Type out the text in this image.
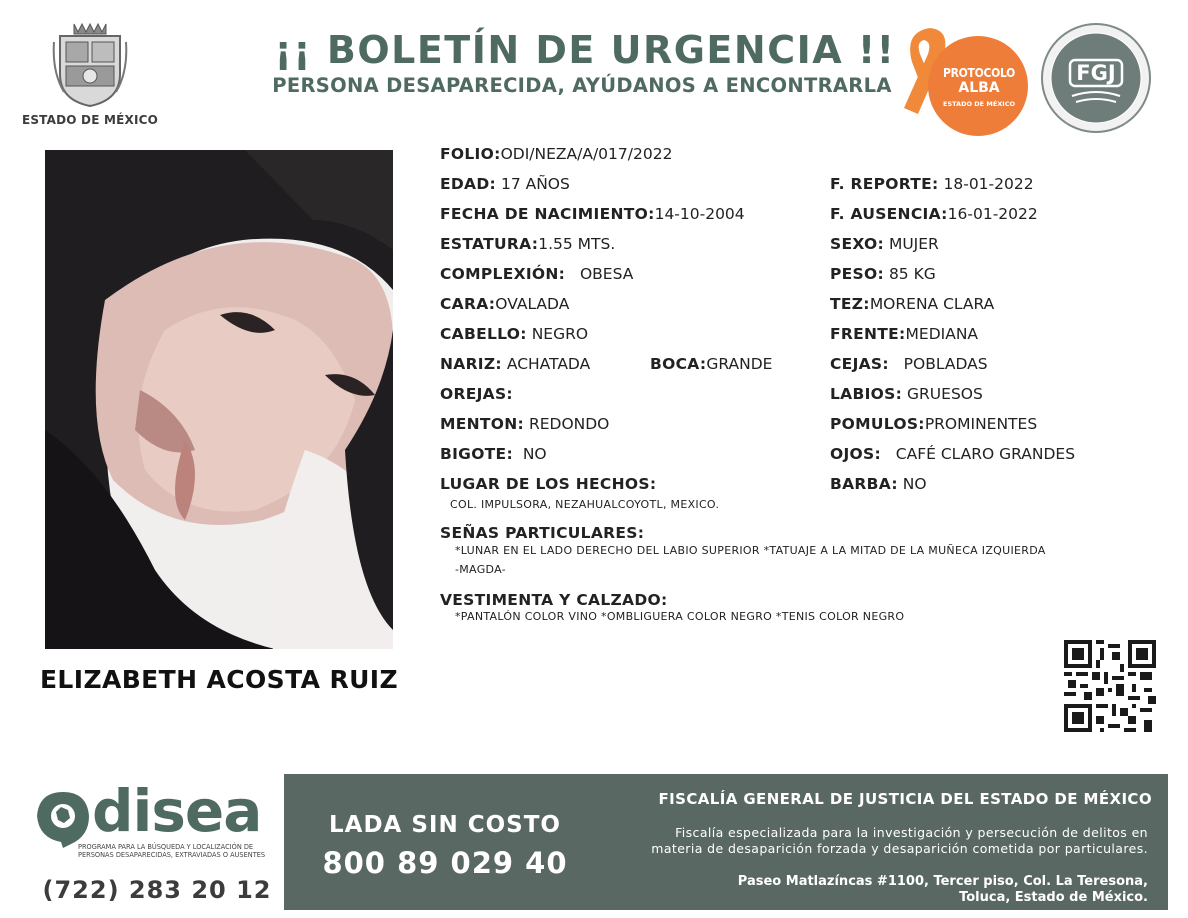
ESTADO DE MÉXICO
¡¡ BOLETÍN DE URGENCIA !!
PERSONA DESAPARECIDA, AYÚDANOS A ENCONTRARLA
PROTOCOLO
ALBA
ESTADO DE MÉXICO
FGJ
ELIZABETH ACOSTA RUIZ
FOLIO:ODI/NEZA/A/017/2022
EDAD: 17 AÑOS
FECHA DE NACIMIENTO:14-10-2004
ESTATURA:1.55 MTS.
COMPLEXIÓN: OBESA
CARA:OVALADA
CABELLO: NEGRO
NARIZ: ACHATADA	BOCA:GRANDE
OREJAS:
MENTON: REDONDO
BIGOTE: NO
LUGAR DE LOS HECHOS:
COL. IMPULSORA, NEZAHUALCOYOTL, MEXICO.
F. REPORTE: 18-01-2022
F. AUSENCIA:16-01-2022
SEXO: MUJER
PESO: 85 KG
TEZ:MORENA CLARA
FRENTE:MEDIANA
CEJAS: POBLADAS
LABIOS: GRUESOS
POMULOS:PROMINENTES
OJOS: CAFÉ CLARO GRANDES
BARBA: NO
SEÑAS PARTICULARES:
*LUNAR EN EL LADO DERECHO DEL LABIO SUPERIOR *TATUAJE A LA MITAD DE LA MUÑECA IZQUIERDA
-MAGDA-
VESTIMENTA Y CALZADO:
*PANTALÓN COLOR VINO *OMBLIGUERA COLOR NEGRO *TENIS COLOR NEGRO
disea
PROGRAMA PARA LA BÚSQUEDA Y LOCALIZACIÓN DE PERSONAS DESAPARECIDAS, EXTRAVIADAS O AUSENTES
(722) 283 20 12
LADA SIN COSTO
800 89 029 40
FISCALÍA GENERAL DE JUSTICIA DEL ESTADO DE MÉXICO
Fiscalía especializada para la investigación y persecución de delitos en
materia de desaparición forzada y desaparición cometida por particulares.
Paseo Matlazíncas #1100, Tercer piso, Col. La Teresona,
Toluca, Estado de México.
